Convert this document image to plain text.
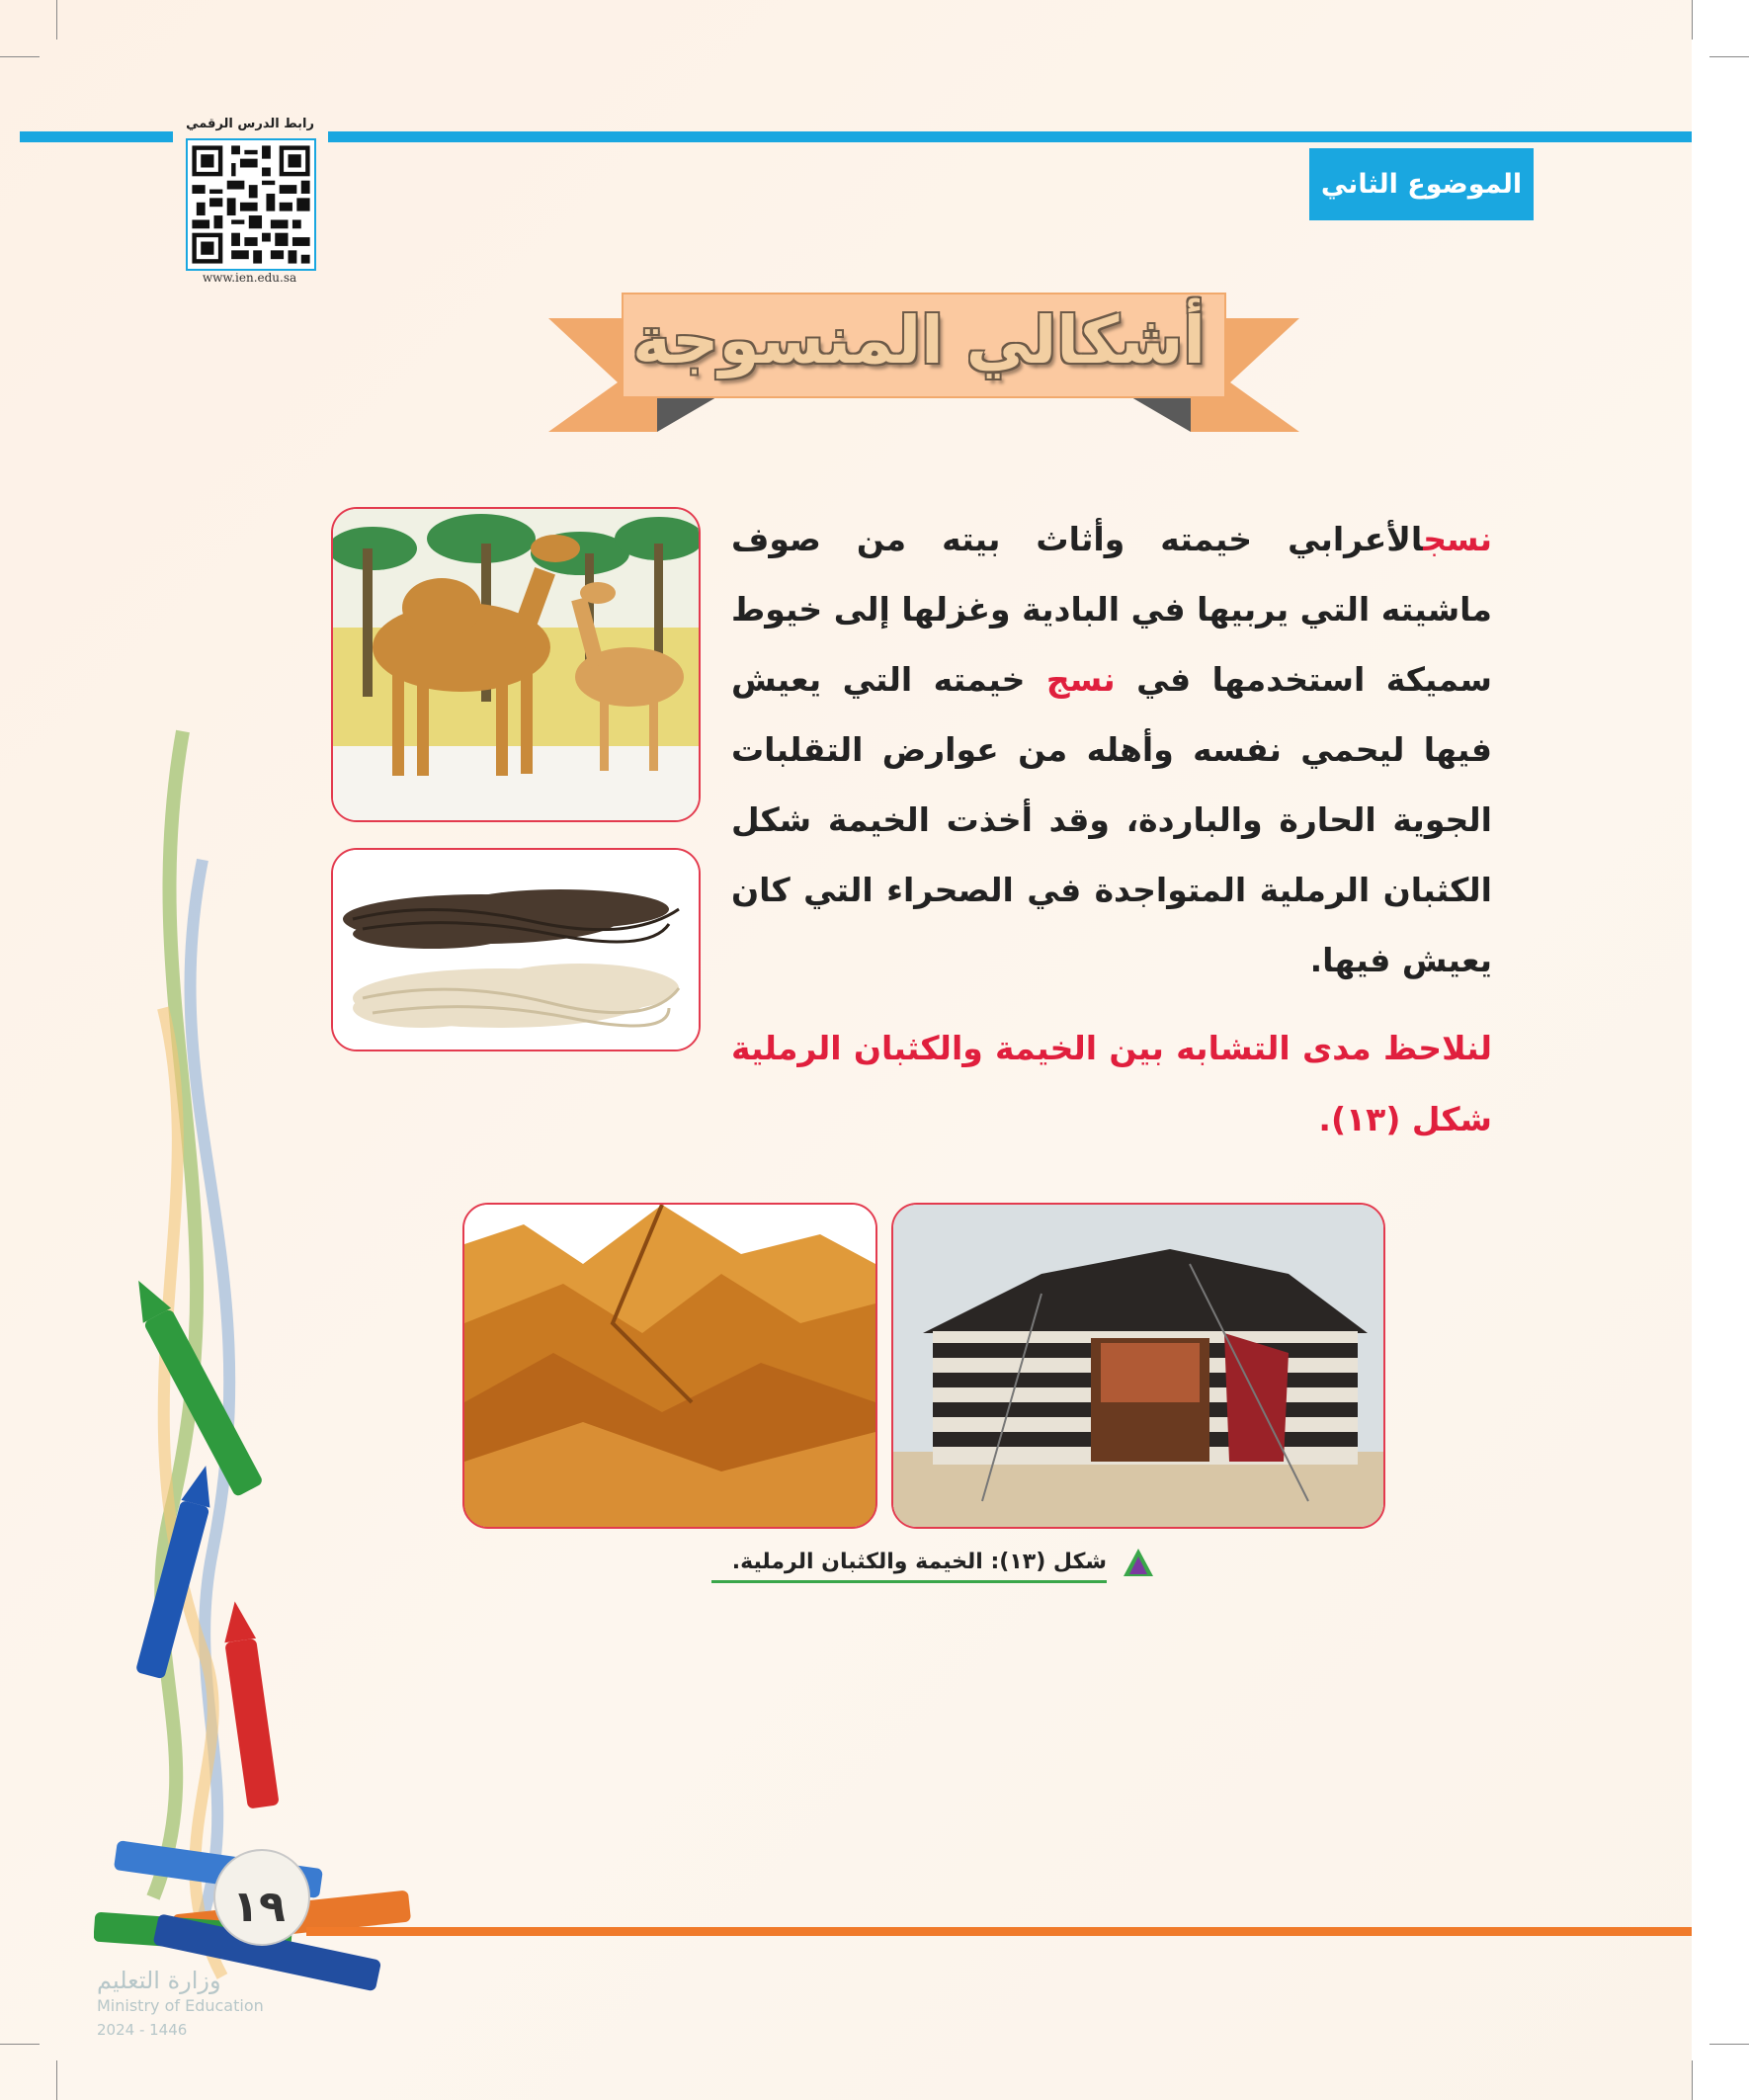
الموضوع الثاني
رابط الدرس الرقمي
www.ien.edu.sa
أشكالي المنسوجة
نسجالأعرابي خيمته وأثاث بيته من صوف ماشيته التي يربيها في البادية وغزلها إلى خيوط سميكة استخدمها في نسج خيمته التي يعيش فيها ليحمي نفسه وأهله من عوارض التقلبات الجوية الحارة والباردة، وقد أخذت الخيمة شكل الكثبان الرملية المتواجدة في الصحراء التي كان يعيش فيها.
لنلاحظ مدى التشابه بين الخيمة والكثبان الرملية شكل (١٣).
شكل (١٣): الخيمة والكثبان الرملية.
١٩
وزارة التعليم
Ministry of Education
2024 - 1446
